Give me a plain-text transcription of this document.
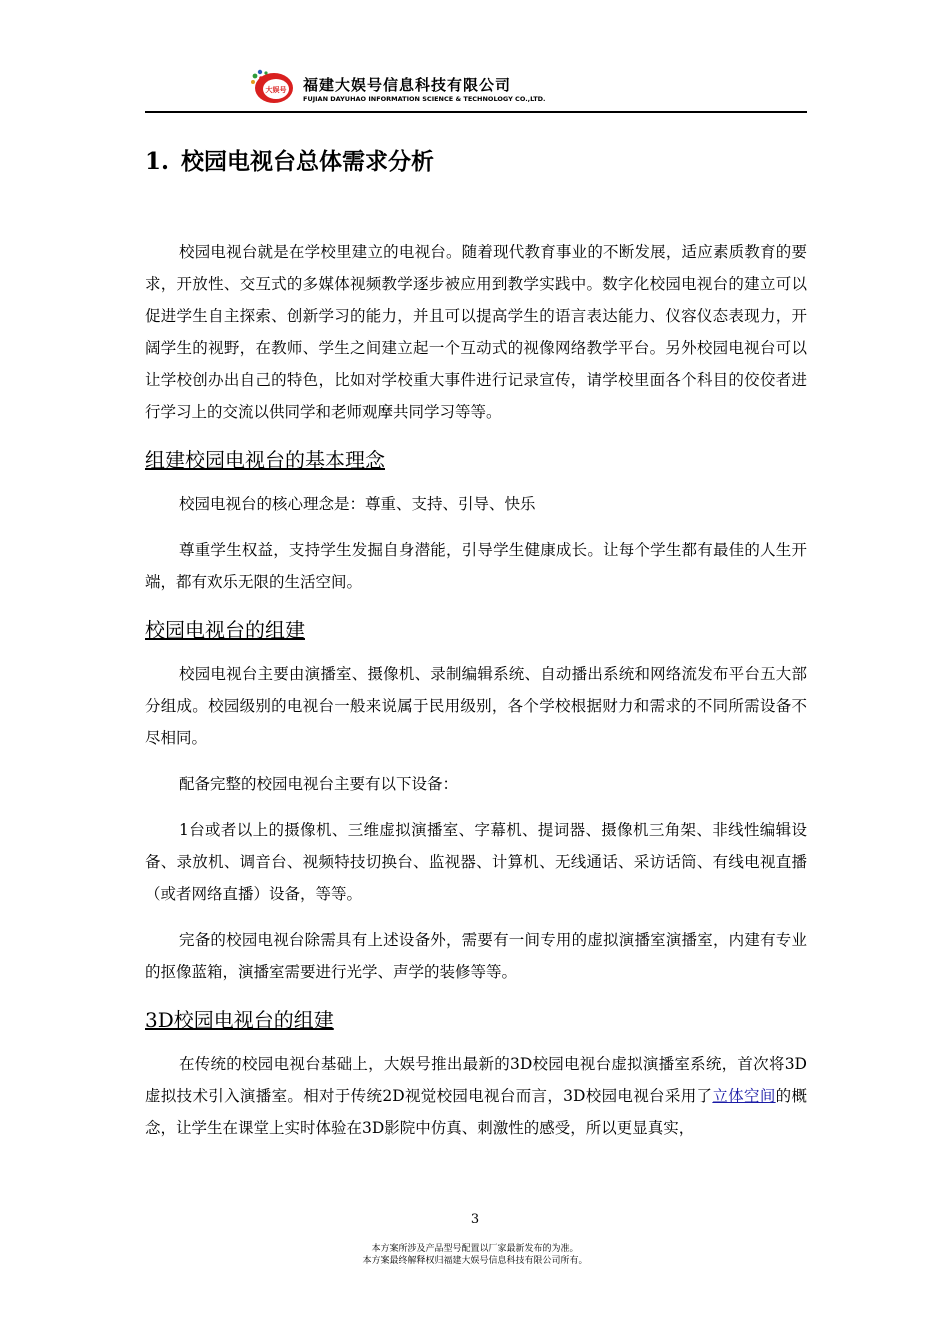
大娱号 福建大娱号信息科技有限公司
FUJIAN DAYUHAO INFORMATION SCIENCE & TECHNOLOGY CO.,LTD.
1. 校园电视台总体需求分析

校园电视台就是在学校里建立的电视台。随着现代教育事业的不断发展，适应素质教育的要求，开放性、交互式的多媒体视频教学逐步被应用到教学实践中。数字化校园电视台的建立可以促进学生自主探索、创新学习的能力，并且可以提高学生的语言表达能力、仪容仪态表现力，开阔学生的视野，在教师、学生之间建立起一个互动式的视像网络教学平台。另外校园电视台可以让学校创办出自己的特色，比如对学校重大事件进行记录宣传，请学校里面各个科目的佼佼者进行学习上的交流以供同学和老师观摩共同学习等等。

组建校园电视台的基本理念

校园电视台的核心理念是：尊重、支持、引导、快乐

尊重学生权益，支持学生发掘自身潜能，引导学生健康成长。让每个学生都有最佳的人生开端，都有欢乐无限的生活空间。

校园电视台的组建

校园电视台主要由演播室、摄像机、录制编辑系统、自动播出系统和网络流发布平台五大部分组成。校园级别的电视台一般来说属于民用级别，各个学校根据财力和需求的不同所需设备不尽相同。

配备完整的校园电视台主要有以下设备：

1台或者以上的摄像机、三维虚拟演播室、字幕机、提词器、摄像机三角架、非线性编辑设备、录放机、调音台、视频特技切换台、监视器、计算机、无线通话、采访话筒、有线电视直播（或者网络直播）设备，等等。

完备的校园电视台除需具有上述设备外，需要有一间专用的虚拟演播室演播室，内建有专业的抠像蓝箱，演播室需要进行光学、声学的装修等等。

3D校园电视台的组建

在传统的校园电视台基础上，大娱号推出最新的3D校园电视台虚拟演播室系统，首次将3D虚拟技术引入演播室。相对于传统2D视觉校园电视台而言，3D校园电视台采用了立体空间的概念，让学生在课堂上实时体验在3D影院中仿真、刺激性的感受，所以更显真实，

3
本方案所涉及产品型号配置以厂家最新发布的为准。
本方案最终解释权归福建大娱号信息科技有限公司所有。
